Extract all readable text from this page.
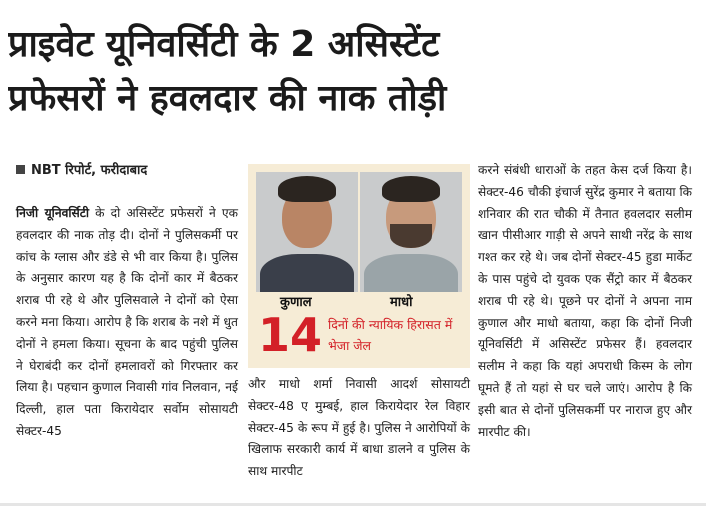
प्राइवेट यूनिवर्सिटी के 2 असिस्टेंट
प्रफेसरों ने हवलदार की नाक तोड़ी
NBT रिपोर्ट, फरीदाबाद
निजी यूनिवर्सिटी के दो असिस्टेंट प्रफेसरों ने एक हवलदार की नाक तोड़ दी। दोनों ने पुलिसकर्मी पर कांच के ग्लास और डंडे से भी वार किया है। पुलिस के अनुसार कारण यह है कि दोनों कार में बैठकर शराब पी रहे थे और पुलिसवाले ने दोनों को ऐसा करने मना किया। आरोप है कि शराब के नशे में धुत दोनों ने हमला किया। सूचना के बाद पहुंची पुलिस ने घेराबंदी कर दोनों हमलावरों को गिरफ्तार कर लिया है। पहचान कुणाल निवासी गांव निलवान, नई दिल्ली, हाल पता किरायेदार सर्वोम सोसायटी सेक्टर-45
कुणाल	माधो
14 दिनों की न्यायिक हिरासत में भेजा जेल
और माधो शर्मा निवासी आदर्श सोसायटी सेक्टर-48 ए मुम्बई, हाल किरायेदार रेल विहार सेक्टर-45 के रूप में हुई है। पुलिस ने आरोपियों के खिलाफ सरकारी कार्य में बाधा डालने व पुलिस के साथ मारपीट
करने संबंधी धाराओं के तहत केस दर्ज किया है। सेक्टर-46 चौकी इंचार्ज सुरेंद्र कुमार ने बताया कि शनिवार की रात चौकी में तैनात हवलदार सलीम खान पीसीआर गाड़ी से अपने साथी नरेंद्र के साथ गश्त कर रहे थे। जब दोनों सेक्टर-45 हुडा मार्केट के पास पहुंचे दो युवक एक सैंट्रो कार में बैठकर शराब पी रहे थे। पूछने पर दोनों ने अपना नाम कुणाल और माधो बताया, कहा कि दोनों निजी यूनिवर्सिटी में असिस्टेंट प्रफेसर हैं। हवलदार सलीम ने कहा कि यहां अपराधी किस्म के लोग घूमते हैं तो यहां से घर चले जाएं। आरोप है कि इसी बात से दोनों पुलिसकर्मी पर नाराज हुए और मारपीट की।
